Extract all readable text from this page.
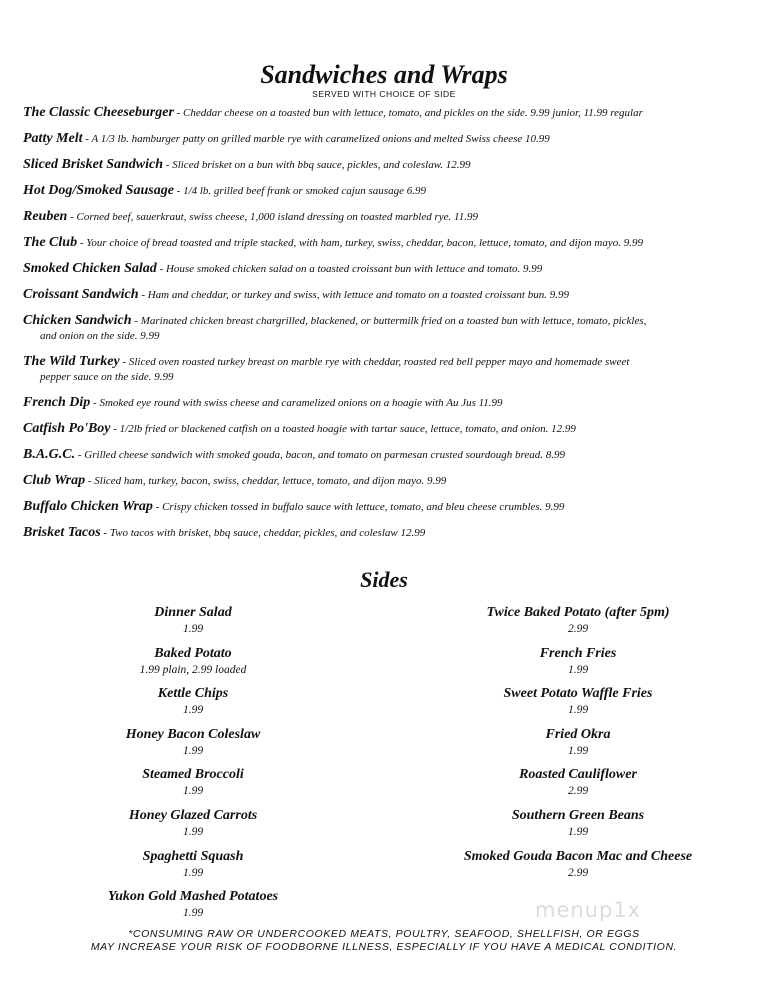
Sandwiches and Wraps
SERVED WITH CHOICE OF SIDE
The Classic Cheeseburger - Cheddar cheese on a toasted bun with lettuce, tomato, and pickles on the side. 9.99 junior, 11.99 regular
Patty Melt - A 1/3 lb. hamburger patty on grilled marble rye with caramelized onions and melted Swiss cheese 10.99
Sliced Brisket Sandwich - Sliced brisket on a bun with bbq sauce, pickles, and coleslaw. 12.99
Hot Dog/Smoked Sausage - 1/4 lb. grilled beef frank or smoked cajun sausage 6.99
Reuben - Corned beef, sauerkraut, swiss cheese, 1,000 island dressing on toasted marbled rye. 11.99
The Club - Your choice of bread toasted and triple stacked, with ham, turkey, swiss, cheddar, bacon, lettuce, tomato, and dijon mayo. 9.99
Smoked Chicken Salad - House smoked chicken salad on a toasted croissant bun with lettuce and tomato. 9.99
Croissant Sandwich - Ham and cheddar, or turkey and swiss, with lettuce and tomato on a toasted croissant bun. 9.99
Chicken Sandwich - Marinated chicken breast chargrilled, blackened, or buttermilk fried on a toasted bun with lettuce, tomato, pickles,
and onion on the side. 9.99
The Wild Turkey - Sliced oven roasted turkey breast on marble rye with cheddar, roasted red bell pepper mayo and homemade sweet
pepper sauce on the side. 9.99
French Dip - Smoked eye round with swiss cheese and caramelized onions on a hoagie with Au Jus 11.99
Catfish Po'Boy - 1/2lb fried or blackened catfish on a toasted hoagie with tartar sauce, lettuce, tomato, and onion. 12.99
B.A.G.C. - Grilled cheese sandwich with smoked gouda, bacon, and tomato on parmesan crusted sourdough bread. 8.99
Club Wrap - Sliced ham, turkey, bacon, swiss, cheddar, lettuce, tomato, and dijon mayo. 9.99
Buffalo Chicken Wrap - Crispy chicken tossed in buffalo sauce with lettuce, tomato, and bleu cheese crumbles. 9.99
Brisket Tacos - Two tacos with brisket, bbq sauce, cheddar, pickles, and coleslaw 12.99
Sides
Dinner Salad
1.99
Baked Potato
1.99 plain, 2.99 loaded
Kettle Chips
1.99
Honey Bacon Coleslaw
1.99
Steamed Broccoli
1.99
Honey Glazed Carrots
1.99
Spaghetti Squash
1.99
Yukon Gold Mashed Potatoes
1.99
Twice Baked Potato (after 5pm)
2.99
French Fries
1.99
Sweet Potato Waffle Fries
1.99
Fried Okra
1.99
Roasted Cauliflower
2.99
Southern Green Beans
1.99
Smoked Gouda Bacon Mac and Cheese
2.99
menup1x
*CONSUMING RAW OR UNDERCOOKED MEATS, POULTRY, SEAFOOD, SHELLFISH, OR EGGS
MAY INCREASE YOUR RISK OF FOODBORNE ILLNESS, ESPECIALLY IF YOU HAVE A MEDICAL CONDITION.
